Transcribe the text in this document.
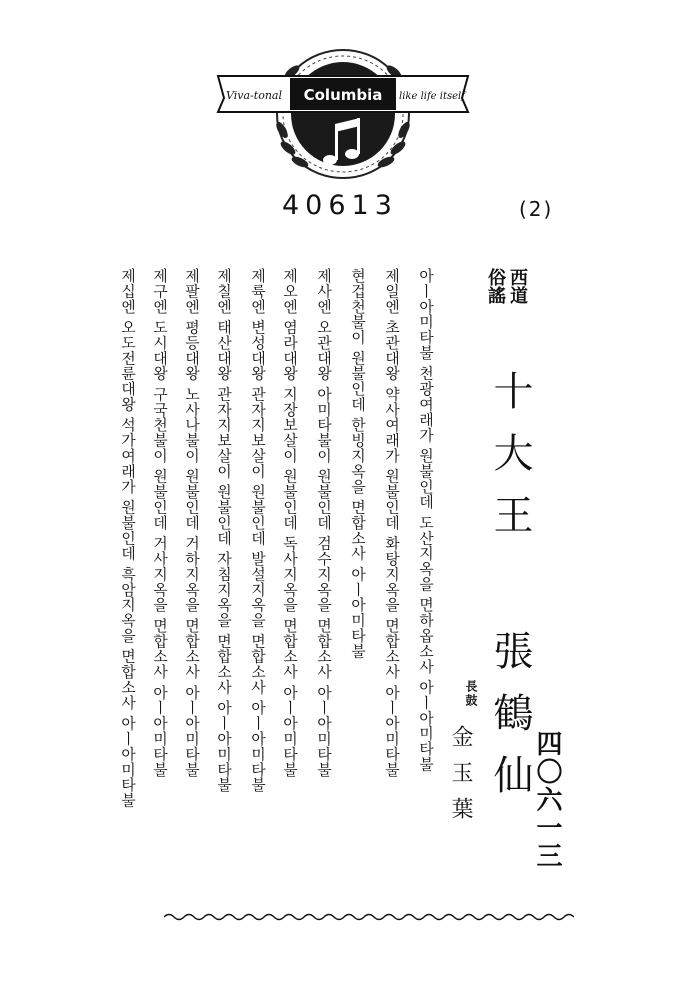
Columbia
Viva-tonal	like life itself
40613	(2)
四〇六一三
西道
俗謠
十大王
張鶴仙
長鼓
金玉葉
아ㅣ아미타불 천광여래가 원불인데 도산지옥을 면하옵소사 아ㅣ아미타불
제일엔 초관대왕 약사여래가 원불인데 화탕지옥을 면합소사 아ㅣ아미타불
현겁천불이 원불인데 한빙지옥을 면합소사 아ㅣ아미타불
제사엔 오관대왕 아미타불이 원불인데 검수지옥을 면합소사 아ㅣ아미타불
제오엔 염라대왕 지장보살이 원불인데 독사지옥을 면합소사 아ㅣ아미타불
제륙엔 변성대왕 관자지보살이 원불인데 발설지옥을 면합소사 아ㅣ아미타불
제칠엔 태산대왕 관자지보살이 원불인데 자침지옥을 면합소사 아ㅣ아미타불
제팔엔 평등대왕 노사나불이 원불인데 거하지옥을 면합소사 아ㅣ아미타불
제구엔 도시대왕 구국천불이 원불인데 거사지옥을 면합소사 아ㅣ아미타불
제십엔 오도전륜대왕 석가여래가 원불인데 흑암지옥을 면합소사 아ㅣ아미타불
